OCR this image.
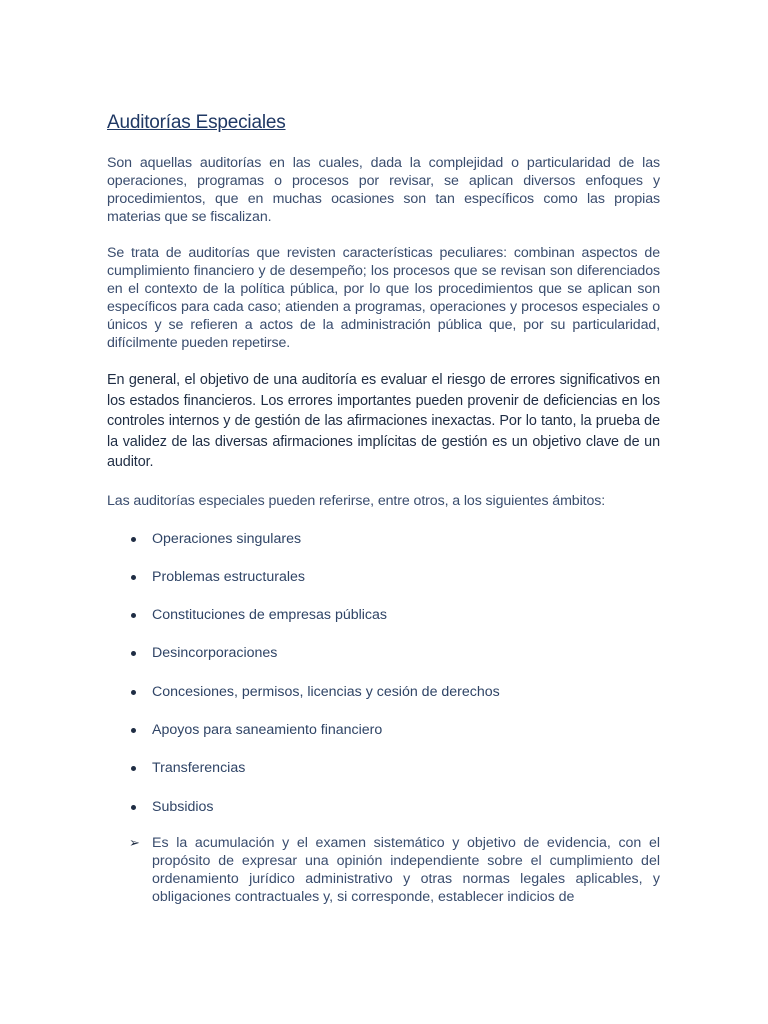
Auditorías Especiales

Son aquellas auditorías en las cuales, dada la complejidad o particularidad de las operaciones, programas o procesos por revisar, se aplican diversos enfoques y procedimientos, que en muchas ocasiones son tan específicos como las propias materias que se fiscalizan.

Se trata de auditorías que revisten características peculiares: combinan aspectos de cumplimiento financiero y de desempeño; los procesos que se revisan son diferenciados en el contexto de la política pública, por lo que los procedimientos que se aplican son específicos para cada caso; atienden a programas, operaciones y procesos especiales o únicos y se refieren a actos de la administración pública que, por su particularidad, difícilmente pueden repetirse.

En general, el objetivo de una auditoría es evaluar el riesgo de errores significativos en los estados financieros. Los errores importantes pueden provenir de deficiencias en los controles internos y de gestión de las afirmaciones inexactas. Por lo tanto, la prueba de la validez de las diversas afirmaciones implícitas de gestión es un objetivo clave de un auditor.

Las auditorías especiales pueden referirse, entre otros, a los siguientes ámbitos:

Operaciones singulares
Problemas estructurales
Constituciones de empresas públicas
Desincorporaciones
Concesiones, permisos, licencias y cesión de derechos
Apoyos para saneamiento financiero
Transferencias
Subsidios
➢ Es la acumulación y el examen sistemático y objetivo de evidencia, con el propósito de expresar una opinión independiente sobre el cumplimiento del ordenamiento jurídico administrativo y otras normas legales aplicables, y obligaciones contractuales y, si corresponde, establecer indicios de
